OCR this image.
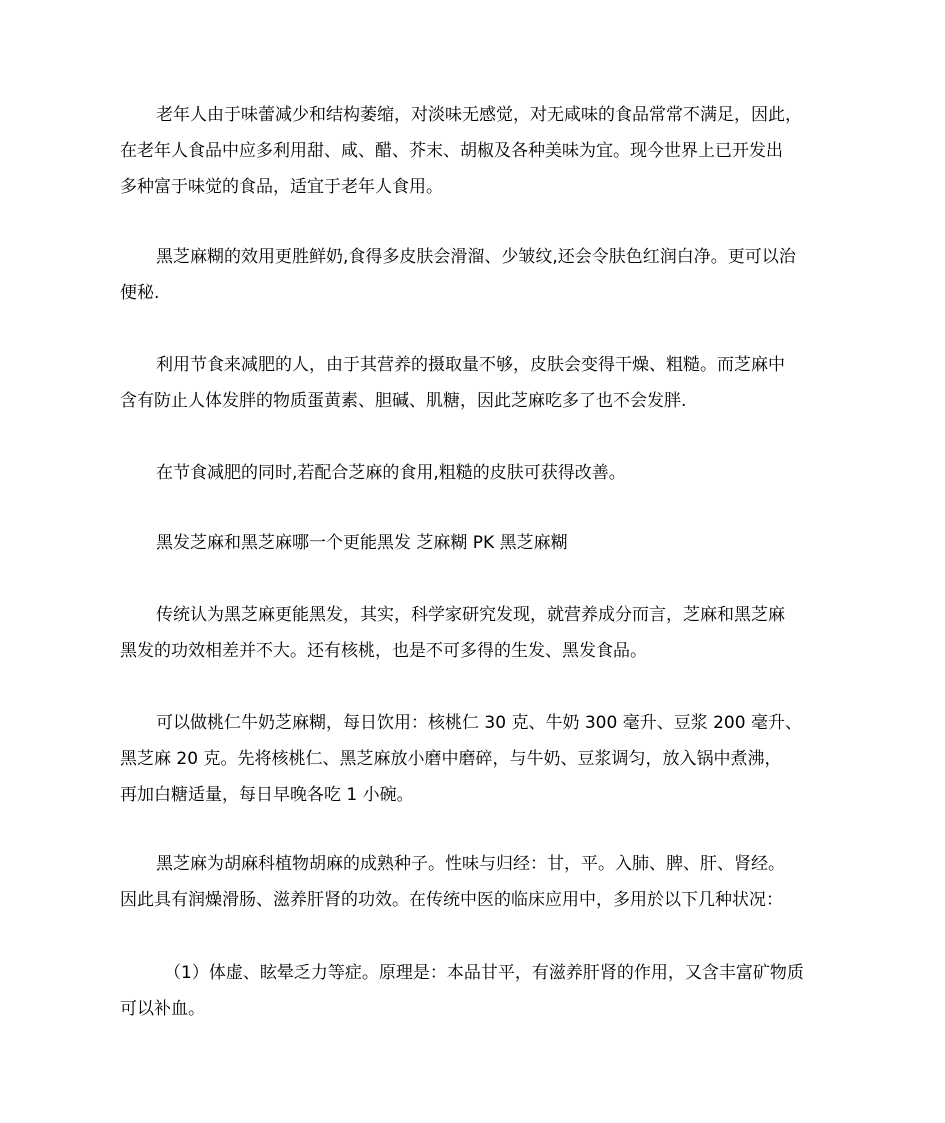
老年人由于味蕾减少和结构萎缩，对淡味无感觉，对无咸味的食品常常不满足，因此，
在老年人食品中应多利用甜、咸、醋、芥末、胡椒及各种美味为宜。现今世界上已开发出
多种富于味觉的食品，适宜于老年人食用。
黑芝麻糊的效用更胜鲜奶,食得多皮肤会滑溜、少皱纹,还会令肤色红润白净。更可以治
便秘.
利用节食来减肥的人，由于其营养的摄取量不够，皮肤会变得干燥、粗糙。而芝麻中
含有防止人体发胖的物质蛋黄素、胆碱、肌糖，因此芝麻吃多了也不会发胖.
在节食减肥的同时,若配合芝麻的食用,粗糙的皮肤可获得改善。
黑发芝麻和黑芝麻哪一个更能黑发 芝麻糊 PK 黑芝麻糊
传统认为黑芝麻更能黑发，其实，科学家研究发现，就营养成分而言，芝麻和黑芝麻
黑发的功效相差并不大。还有核桃，也是不可多得的生发、黑发食品。
可以做桃仁牛奶芝麻糊，每日饮用：核桃仁 30 克、牛奶 300 毫升、豆浆 200 毫升、
黑芝麻 20 克。先将核桃仁、黑芝麻放小磨中磨碎，与牛奶、豆浆调匀，放入锅中煮沸，
再加白糖适量，每日早晚各吃 1 小碗。
黑芝麻为胡麻科植物胡麻的成熟种子。性味与归经：甘，平。入肺、脾、肝、肾经。
因此具有润燥滑肠、滋养肝肾的功效。在传统中医的临床应用中，多用於以下几种状况：
（1）体虚、眩晕乏力等症。原理是：本品甘平，有滋养肝肾的作用，又含丰富矿物质
可以补血。
